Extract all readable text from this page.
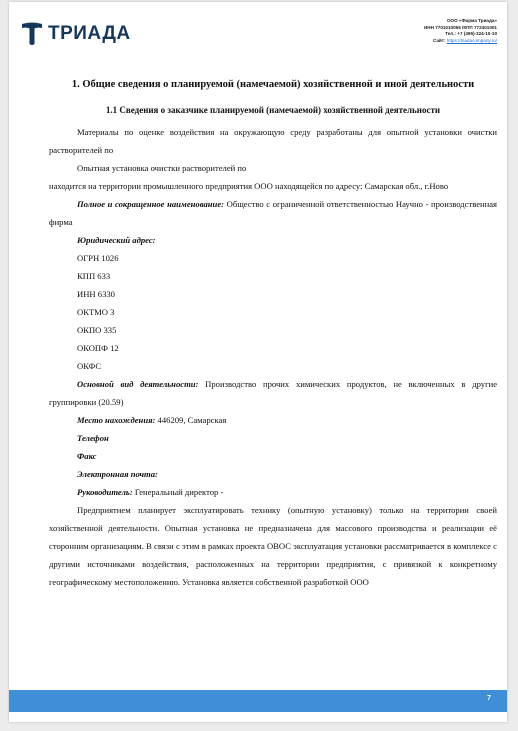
ТРИАДА
ООО «Фирма Триада»
ИНН 7701010056 /КПП 772401001
Тел.: +7 (495)-324-10-10
Сайт: https://triadacompany.ru/
1. Общие сведения о планируемой (намечаемой) хозяйственной и иной деятельности
1.1 Сведения о заказчике планируемой (намечаемой) хозяйственной деятельности

Материалы по оценке воздействия на окружающую среду разработаны для опытной установки очистки растворителей по

Опытная установка очистки растворителей по

находится на территории промышленного предприятия ООО находящейся по адресу: Самарская обл., г.Ново

Полное и сокращенное наименование: Общество с ограниченной ответственностью Научно - производственная фирма

Юридический адрес:

ОГРН 1026

КПП 633

ИНН 6330

ОКТМО 3

ОКПО 335

ОКОПФ 12

ОКФС

Основной вид деятельности: Производство прочих химических продуктов, не включенных в другие группировки (20.59)

Место нахождения: 446209, Самарская

Телефон

Факс

Электронная почта:

Руководитель: Генеральный директор -

Предприятием планирует эксплуатировать технику (опытную установку) только на территории своей хозяйственной деятельности. Опытная установка не предназначена для массового производства и реализации её сторонним организациям. В связи с этим в рамках проекта ОВОС эксплуатация установки рассматривается в комплексе с другими источниками воздействия, расположенных на территории предприятия, с привязкой к конкретному географическому местоположению. Установка является собственной разработкой ООО

7
